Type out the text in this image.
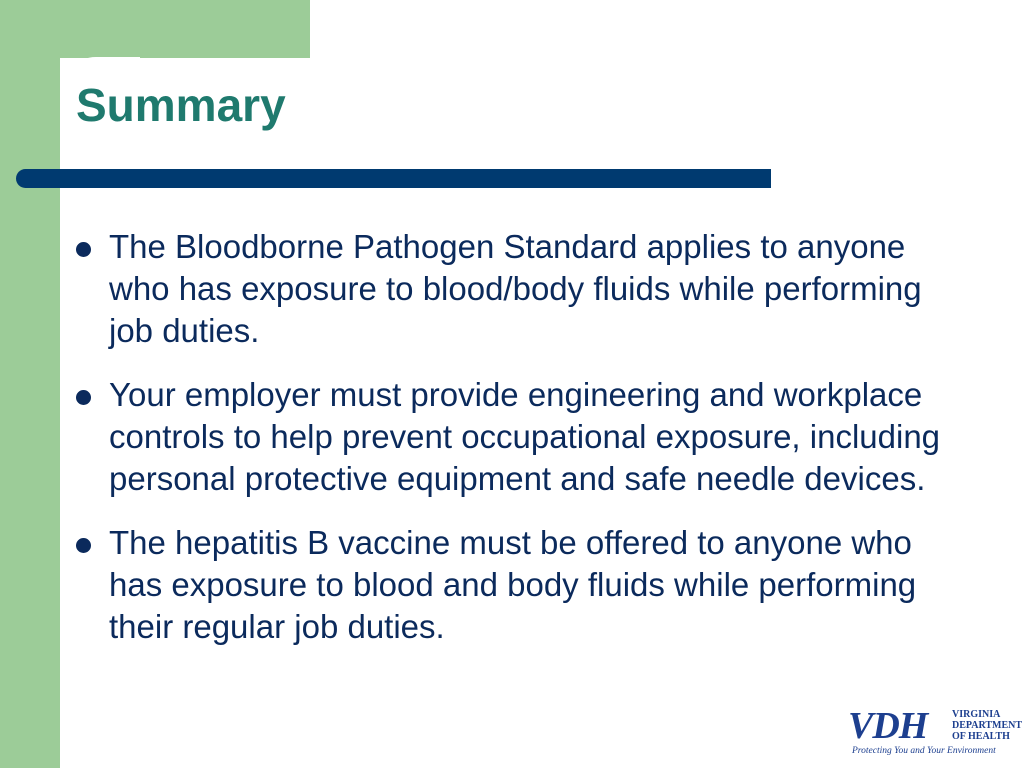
Summary
The Bloodborne Pathogen Standard applies to anyone who has exposure to blood/body fluids while performing job duties.
Your employer must provide engineering and workplace controls to help prevent occupational exposure, including personal protective equipment and safe needle devices.
The hepatitis B vaccine must be offered to anyone who has exposure to blood and body fluids while performing their regular job duties.
VDH VIRGINIA
DEPARTMENT
OF HEALTH
Protecting You and Your Environment
